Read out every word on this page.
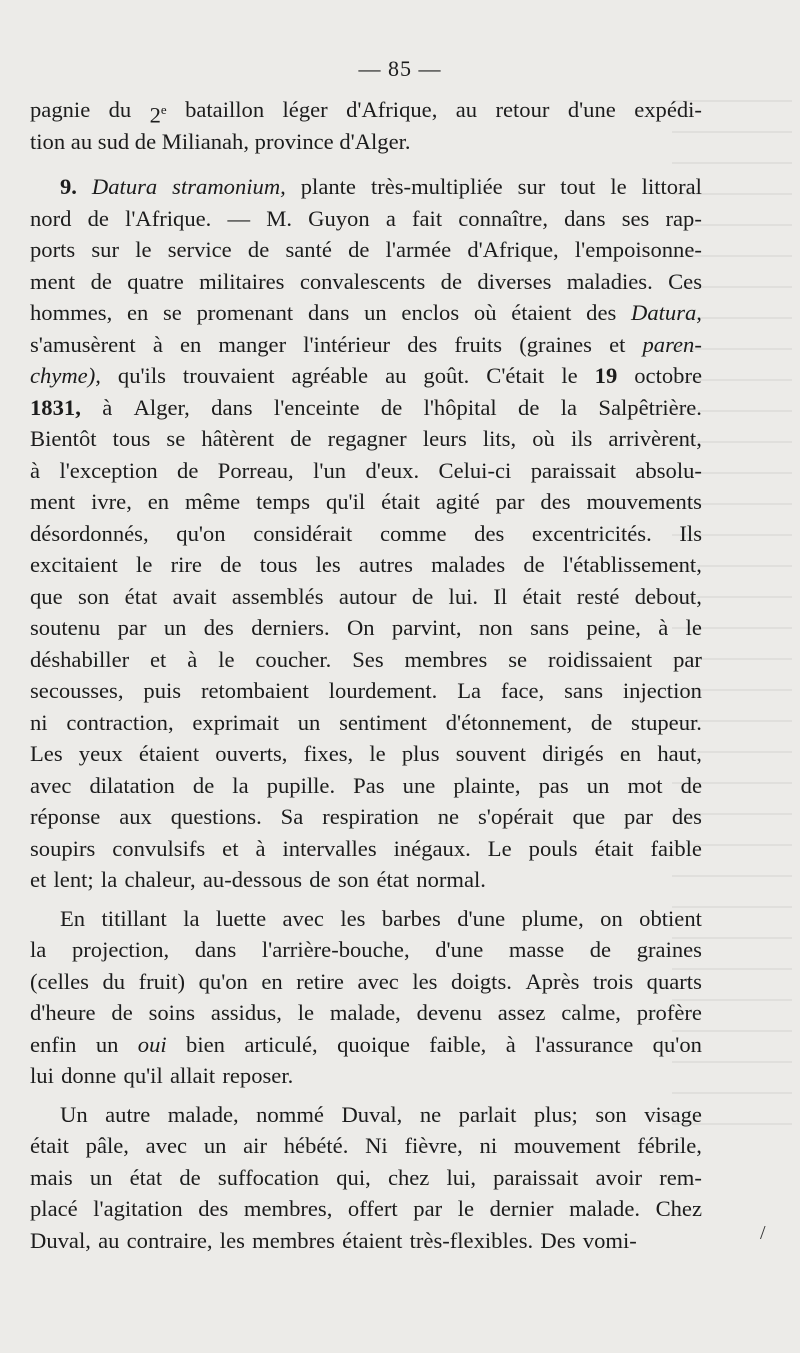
— 85 —
pagnie du 2e bataillon léger d'Afrique, au retour d'une expédi-
tion au sud de Milianah, province d'Alger.
9. Datura stramonium, plante très-multipliée sur tout le littoral
nord de l'Afrique. — M. Guyon a fait connaître, dans ses rap-
ports sur le service de santé de l'armée d'Afrique, l'empoisonne-
ment de quatre militaires convalescents de diverses maladies. Ces
hommes, en se promenant dans un enclos où étaient des Datura,
s'amusèrent à en manger l'intérieur des fruits (graines et paren-
chyme), qu'ils trouvaient agréable au goût. C'était le 19 octobre
1831, à Alger, dans l'enceinte de l'hôpital de la Salpêtrière.
Bientôt tous se hâtèrent de regagner leurs lits, où ils arrivèrent,
à l'exception de Porreau, l'un d'eux. Celui-ci paraissait absolu-
ment ivre, en même temps qu'il était agité par des mouvements
désordonnés, qu'on considérait comme des excentricités. Ils
excitaient le rire de tous les autres malades de l'établissement,
que son état avait assemblés autour de lui. Il était resté debout,
soutenu par un des derniers. On parvint, non sans peine, à le
déshabiller et à le coucher. Ses membres se roidissaient par
secousses, puis retombaient lourdement. La face, sans injection
ni contraction, exprimait un sentiment d'étonnement, de stupeur.
Les yeux étaient ouverts, fixes, le plus souvent dirigés en haut,
avec dilatation de la pupille. Pas une plainte, pas un mot de
réponse aux questions. Sa respiration ne s'opérait que par des
soupirs convulsifs et à intervalles inégaux. Le pouls était faible
et lent; la chaleur, au-dessous de son état normal.
En titillant la luette avec les barbes d'une plume, on obtient
la projection, dans l'arrière-bouche, d'une masse de graines
(celles du fruit) qu'on en retire avec les doigts. Après trois quarts
d'heure de soins assidus, le malade, devenu assez calme, profère
enfin un oui bien articulé, quoique faible, à l'assurance qu'on
lui donne qu'il allait reposer.
Un autre malade, nommé Duval, ne parlait plus; son visage
était pâle, avec un air hébété. Ni fièvre, ni mouvement fébrile,
mais un état de suffocation qui, chez lui, paraissait avoir rem-
placé l'agitation des membres, offert par le dernier malade. Chez
Duval, au contraire, les membres étaient très-flexibles. Des vomi-	/
